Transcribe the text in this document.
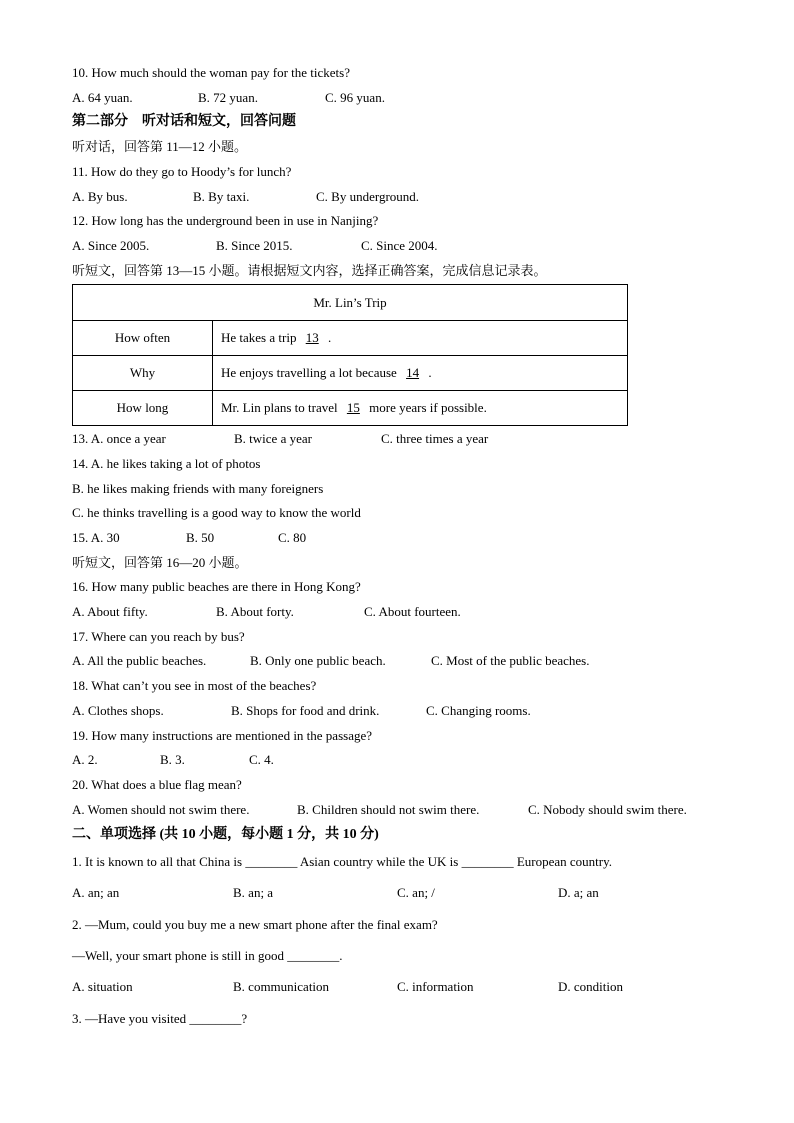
10. How much should the woman pay for the tickets?
A. 64 yuan.	B. 72 yuan.	C. 96 yuan.
第二部分　听对话和短文，回答问题
听对话，回答第 11—12 小题。
11. How do they go to Hoody’s for lunch?
A. By bus.	B. By taxi.	C. By underground.
12. How long has the underground been in use in Nanjing?
A. Since 2005.	B. Since 2015.	C. Since 2004.
听短文，回答第 13—15 小题。请根据短文内容，选择正确答案，完成信息记录表。
Mr. Lin’s Trip	
How often	He takes a trip 13 .
Why	He enjoys travelling a lot because 14 .
How long	Mr. Lin plans to travel 15 more years if possible.
13. A. once a year	B. twice a year	C. three times a year
14. A. he likes taking a lot of photos
B. he likes making friends with many foreigners
C. he thinks travelling is a good way to know the world
15. A. 30	B. 50	C. 80
听短文，回答第 16—20 小题。
16. How many public beaches are there in Hong Kong?
A. About fifty.	B. About forty.	C. About fourteen.
17. Where can you reach by bus?
A. All the public beaches.	B. Only one public beach.	C. Most of the public beaches.
18. What can’t you see in most of the beaches?
A. Clothes shops.	B. Shops for food and drink.	C. Changing rooms.
19. How many instructions are mentioned in the passage?
A. 2.	B. 3.	C. 4.
20. What does a blue flag mean?
A. Women should not swim there.	B. Children should not swim there.	C. Nobody should swim there.
二、单项选择 (共 10 小题，每小题 1 分，共 10 分)
1. It is known to all that China is ________ Asian country while the UK is ________ European country.
A. an; an	B. an; a	C. an; /	D. a; an
2. —Mum, could you buy me a new smart phone after the final exam?
—Well, your smart phone is still in good ________.
A. situation	B. communication	C. information	D. condition
3. —Have you visited ________?
